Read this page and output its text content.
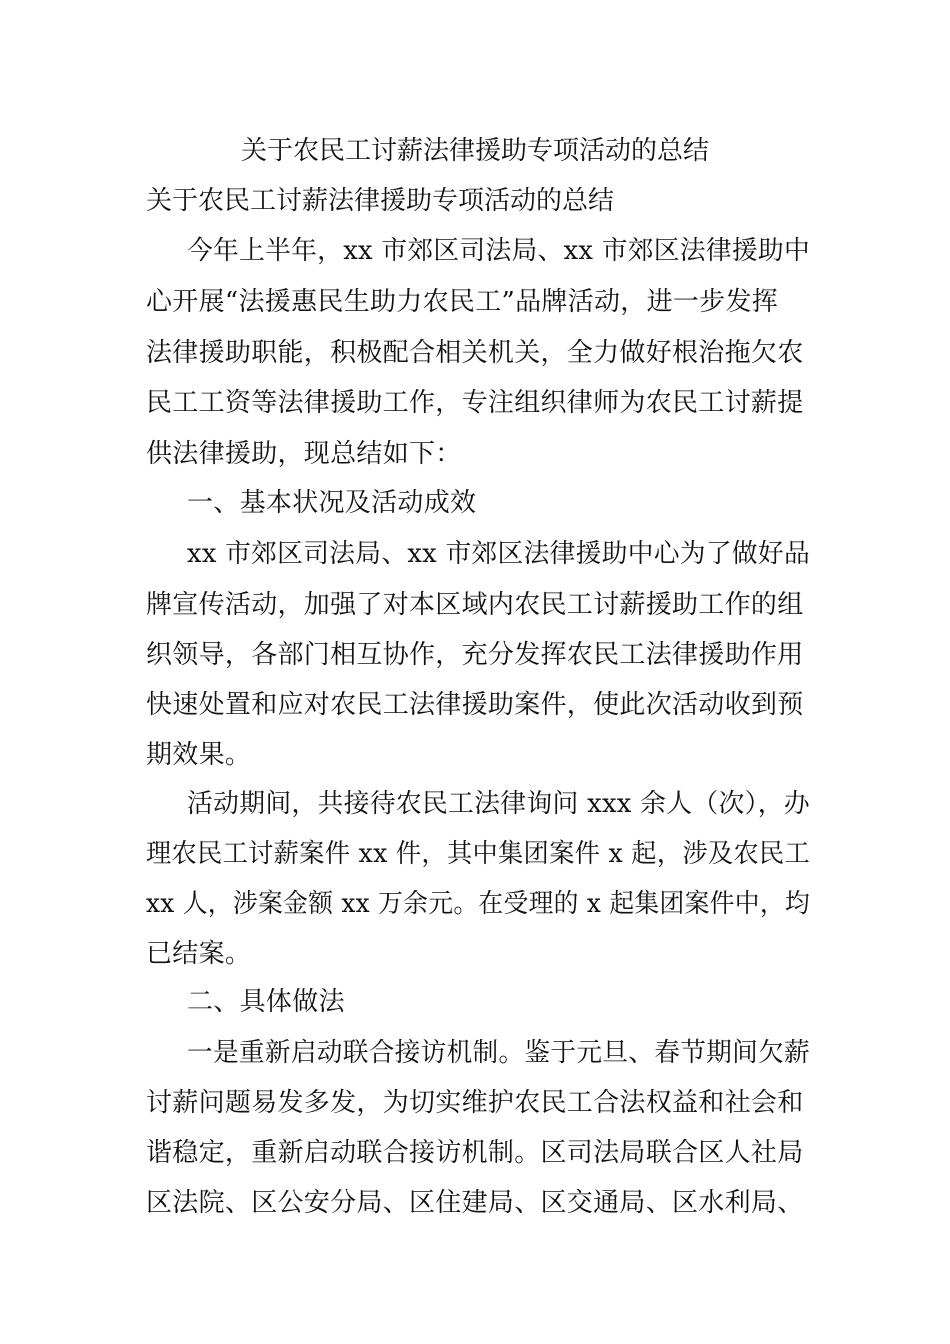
关于农民工讨薪法律援助专项活动的总结

关于农民工讨薪法律援助专项活动的总结

今年上半年，xx 市郊区司法局、xx 市郊区法律援助中

心开展“法援惠民生助力农民工”品牌活动，进一步发挥

法律援助职能，积极配合相关机关，全力做好根治拖欠农

民工工资等法律援助工作，专注组织律师为农民工讨薪提

供法律援助，现总结如下：

一、基本状况及活动成效

xx 市郊区司法局、xx 市郊区法律援助中心为了做好品

牌宣传活动，加强了对本区域内农民工讨薪援助工作的组

织领导，各部门相互协作，充分发挥农民工法律援助作用

快速处置和应对农民工法律援助案件，使此次活动收到预

期效果。

活动期间，共接待农民工法律询问 xxx 余人（次），办

理农民工讨薪案件 xx 件，其中集团案件 x 起，涉及农民工

xx 人，涉案金额 xx 万余元。在受理的 x 起集团案件中，均

已结案。

二、具体做法

一是重新启动联合接访机制。鉴于元旦、春节期间欠薪

讨薪问题易发多发，为切实维护农民工合法权益和社会和

谐稳定，重新启动联合接访机制。区司法局联合区人社局

区法院、区公安分局、区住建局、区交通局、区水利局、
